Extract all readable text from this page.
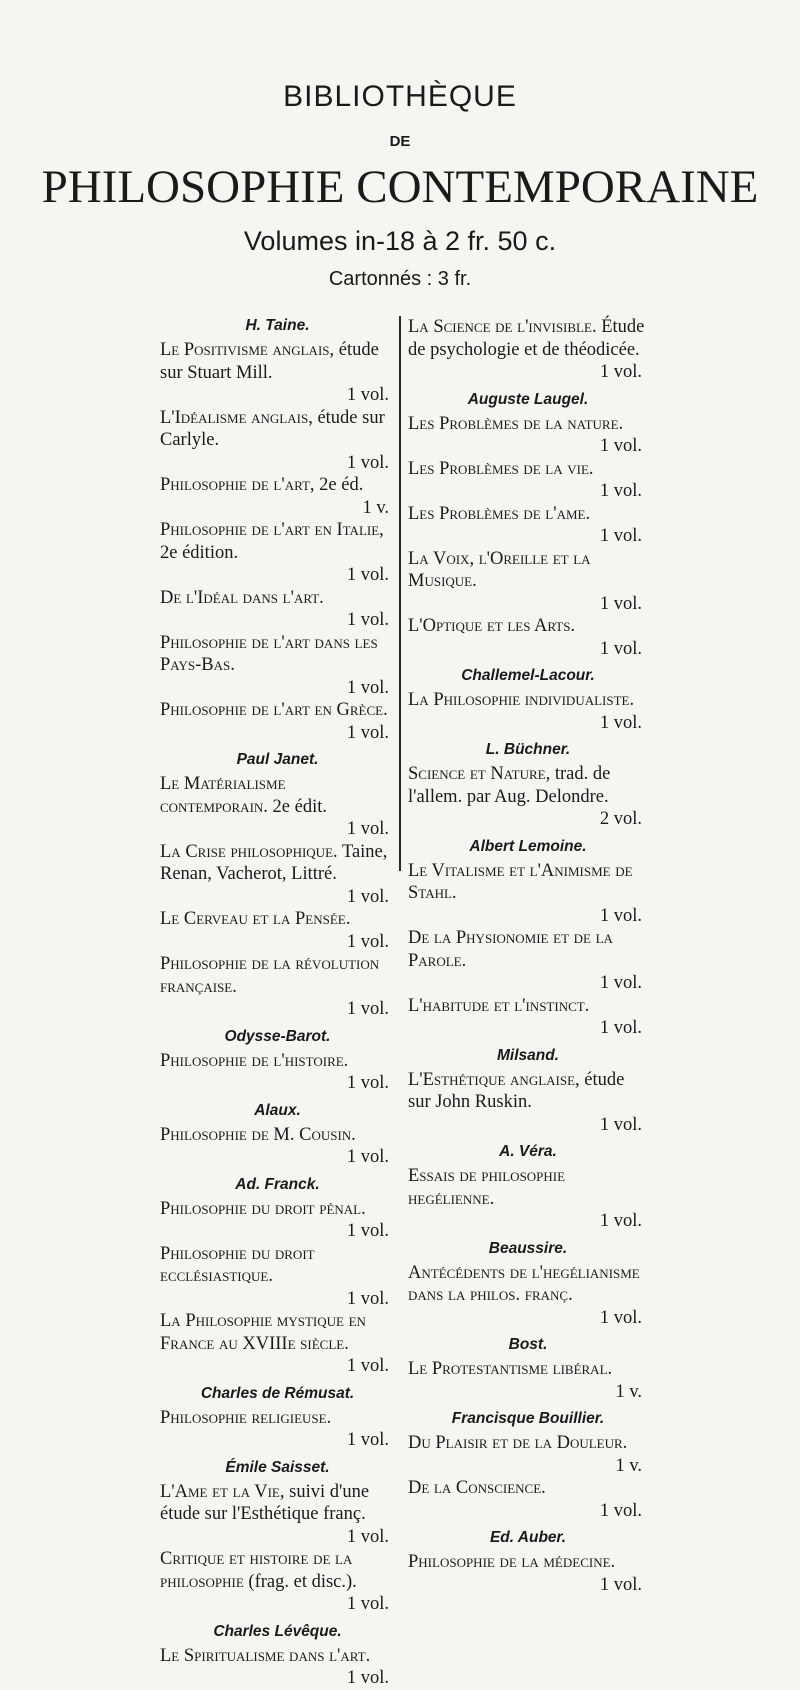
BIBLIOTHÈQUE
DE
PHILOSOPHIE CONTEMPORAINE
Volumes in-18 à 2 fr. 50 c.
Cartonnés : 3 fr.
H. Taine.
Le Positivisme anglais, étude sur Stuart Mill.
1 vol.
L'Idéalisme anglais, étude sur Carlyle.
1 vol.
Philosophie de l'art, 2e éd.
1 v.
Philosophie de l'art en Italie, 2e édition.
1 vol.
De l'Idéal dans l'art.
1 vol.
Philosophie de l'art dans les Pays-Bas.
1 vol.
Philosophie de l'art en Grèce.
1 vol.
Paul Janet.
Le Matérialisme contemporain. 2e édit.
1 vol.
La Crise philosophique. Taine, Renan, Vacherot, Littré.
1 vol.
Le Cerveau et la Pensée.
1 vol.
Philosophie de la révolution française.
1 vol.
Odysse-Barot.
Philosophie de l'histoire.
1 vol.
Alaux.
Philosophie de M. Cousin.
1 vol.
Ad. Franck.
Philosophie du droit pénal.
1 vol.
Philosophie du droit ecclésiastique.
1 vol.
La Philosophie mystique en France au XVIIIe siècle.
1 vol.
Charles de Rémusat.
Philosophie religieuse.
1 vol.
Émile Saisset.
L'Ame et la Vie, suivi d'une étude sur l'Esthétique franç.
1 vol.
Critique et histoire de la philosophie (frag. et disc.).
1 vol.
Charles Lévêque.
Le Spiritualisme dans l'art.
1 vol.
La Science de l'invisible. Étude de psychologie et de théodicée.
1 vol.
Auguste Laugel.
Les Problèmes de la nature.
1 vol.
Les Problèmes de la vie.
1 vol.
Les Problèmes de l'ame.
1 vol.
La Voix, l'Oreille et la Musique.
1 vol.
L'Optique et les Arts.
1 vol.
Challemel-Lacour.
La Philosophie individualiste.
1 vol.
L. Büchner.
Science et Nature, trad. de l'allem. par Aug. Delondre.
2 vol.
Albert Lemoine.
Le Vitalisme et l'Animisme de Stahl.
1 vol.
De la Physionomie et de la Parole.
1 vol.
L'habitude et l'instinct.
1 vol.
Milsand.
L'Esthétique anglaise, étude sur John Ruskin.
1 vol.
A. Véra.
Essais de philosophie hegélienne.
1 vol.
Beaussire.
Antécédents de l'hegélianisme dans la philos. franç.
1 vol.
Bost.
Le Protestantisme libéral.
1 v.
Francisque Bouillier.
Du Plaisir et de la Douleur.
1 v.
De la Conscience.
1 vol.
Ed. Auber.
Philosophie de la médecine.
1 vol.
